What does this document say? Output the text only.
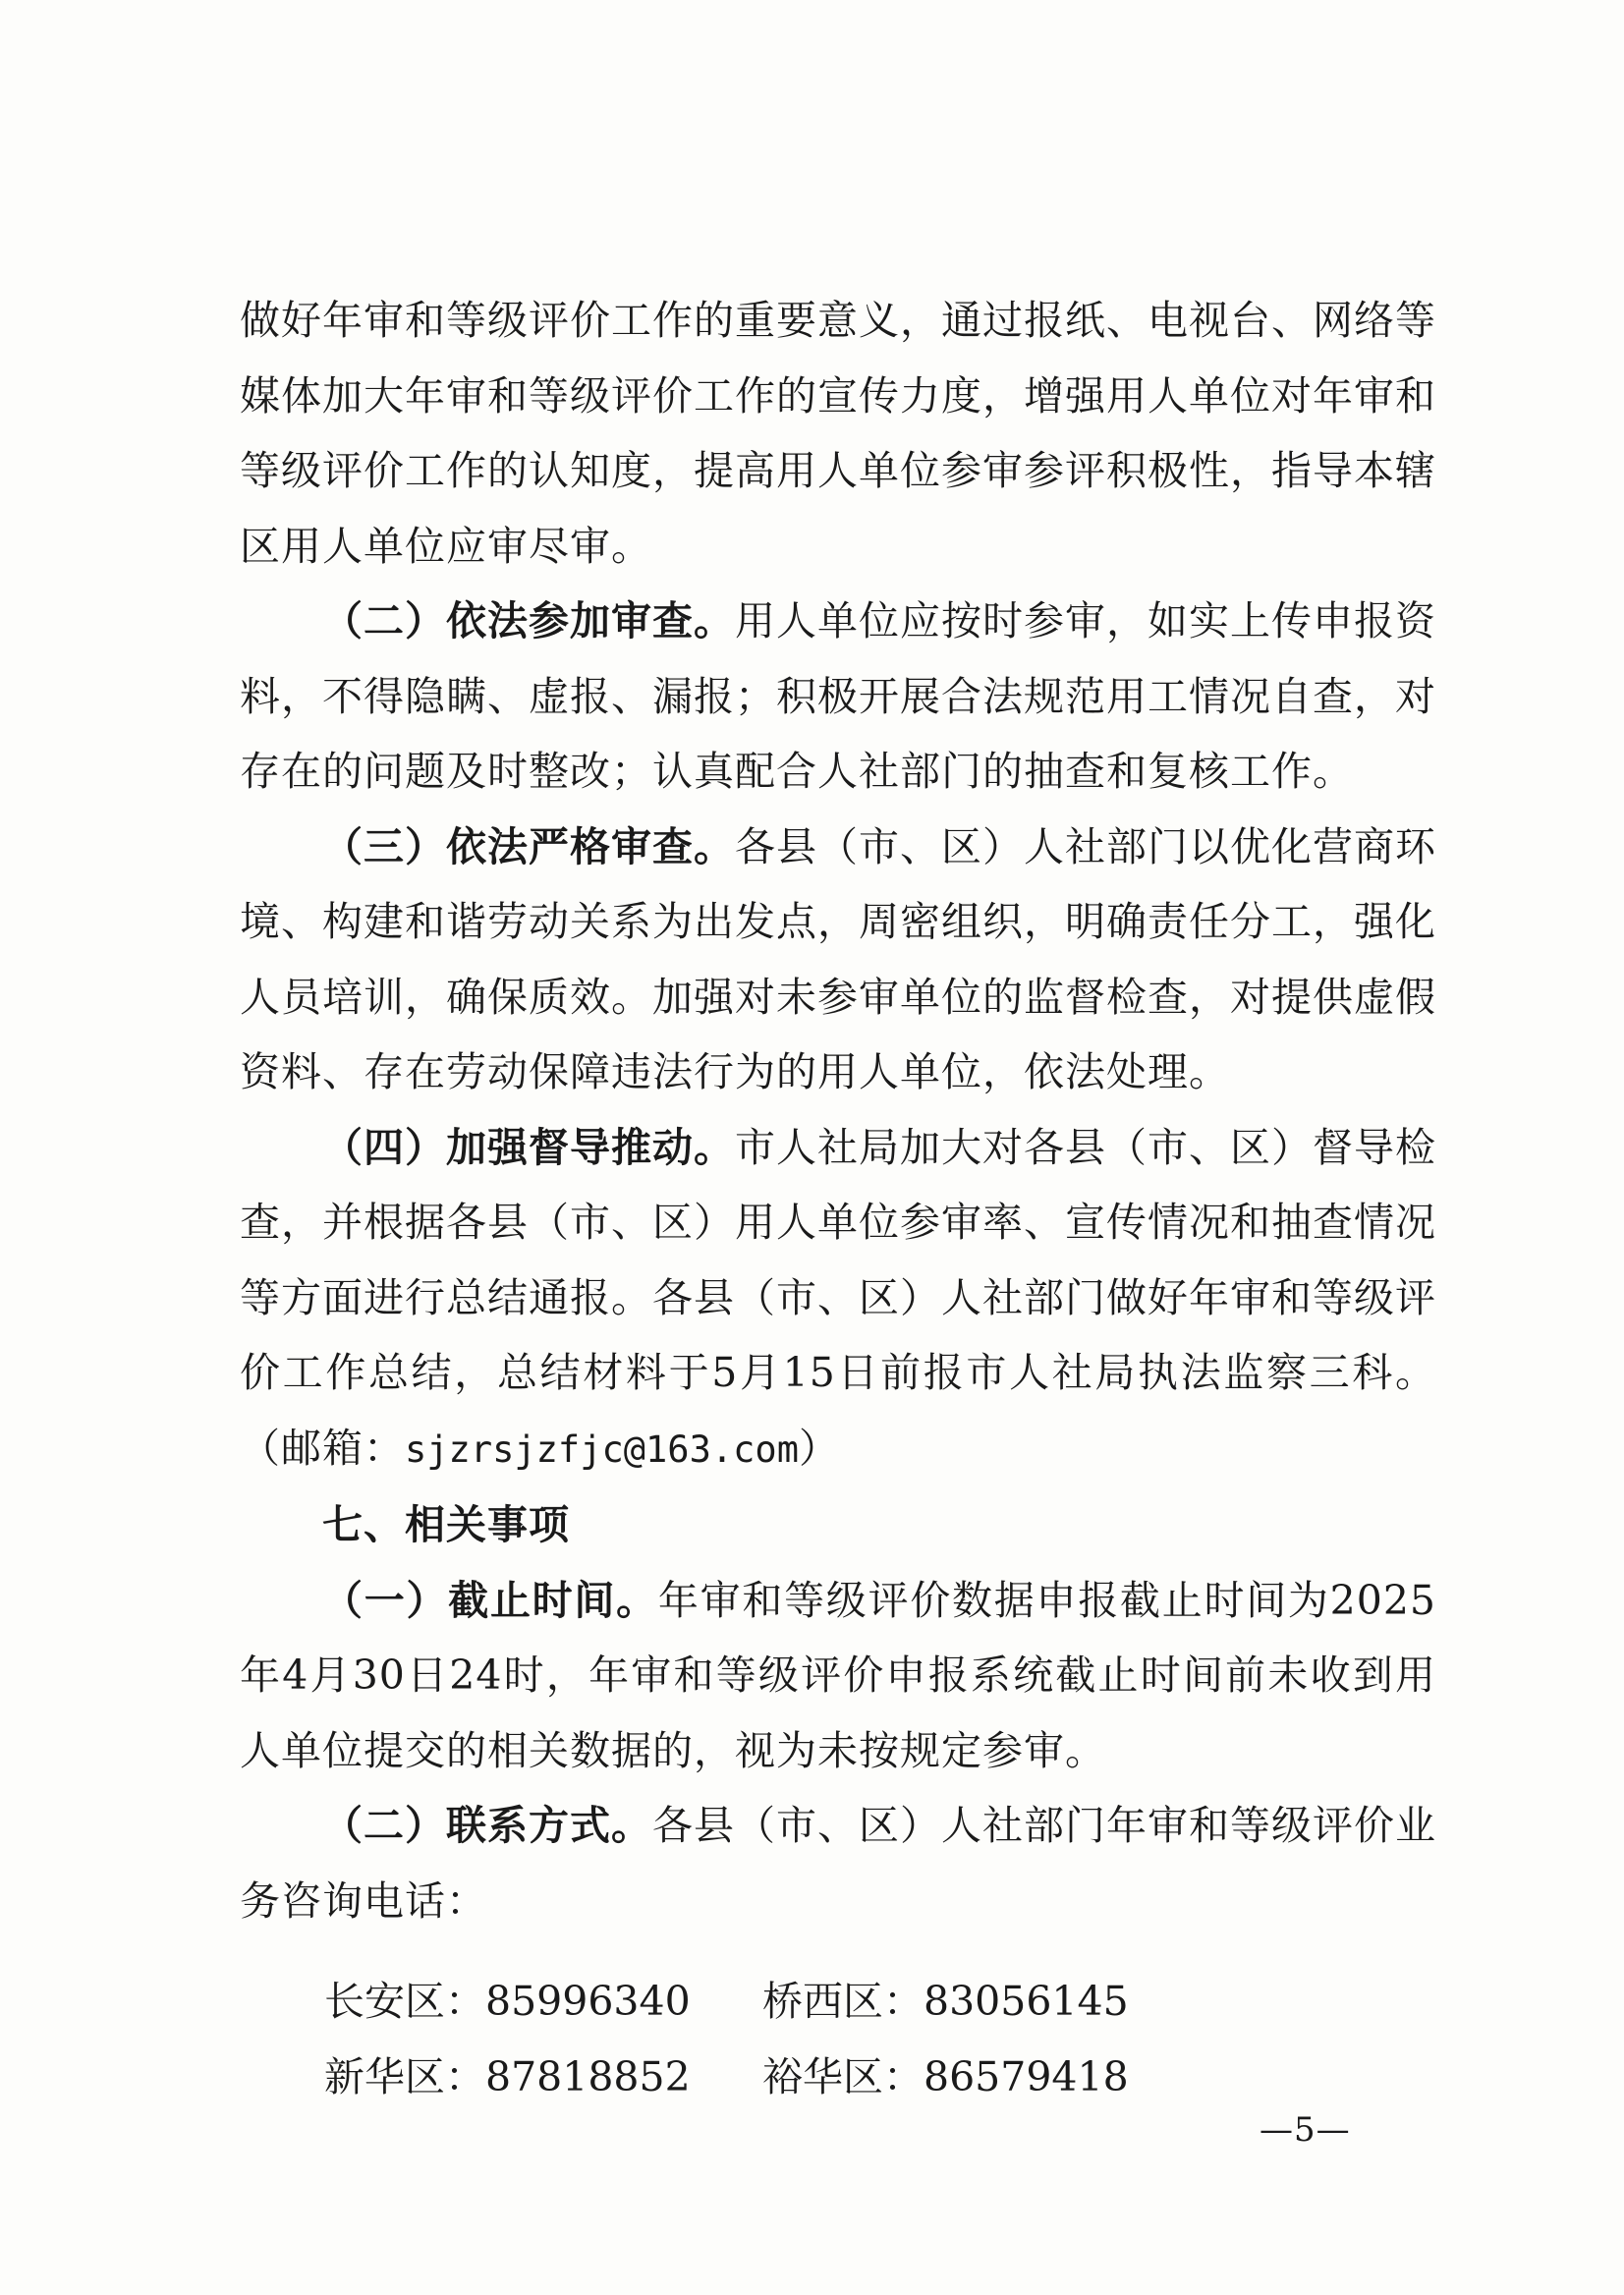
做好年审和等级评价工作的重要意义，通过报纸、电视台、网络等媒体加大年审和等级评价工作的宣传力度，增强用人单位对年审和等级评价工作的认知度，提高用人单位参审参评积极性，指导本辖区用人单位应审尽审。

（二）依法参加审查。用人单位应按时参审，如实上传申报资料，不得隐瞒、虚报、漏报；积极开展合法规范用工情况自查，对存在的问题及时整改；认真配合人社部门的抽查和复核工作。

（三）依法严格审查。各县（市、区）人社部门以优化营商环境、构建和谐劳动关系为出发点，周密组织，明确责任分工，强化人员培训，确保质效。加强对未参审单位的监督检查，对提供虚假资料、存在劳动保障违法行为的用人单位，依法处理。

（四）加强督导推动。市人社局加大对各县（市、区）督导检查，并根据各县（市、区）用人单位参审率、宣传情况和抽查情况等方面进行总结通报。各县（市、区）人社部门做好年审和等级评价工作总结，总结材料于5月15日前报市人社局执法监察三科。（邮箱：sjzrsjzfjc@163.com）

七、相关事项

（一）截止时间。年审和等级评价数据申报截止时间为2025年4月30日24时，年审和等级评价申报系统截止时间前未收到用人单位提交的相关数据的，视为未按规定参审。

（二）联系方式。各县（市、区）人社部门年审和等级评价业务咨询电话：

长安区：85996340	桥西区：83056145
新华区：87818852	裕华区：86579418
—5—
